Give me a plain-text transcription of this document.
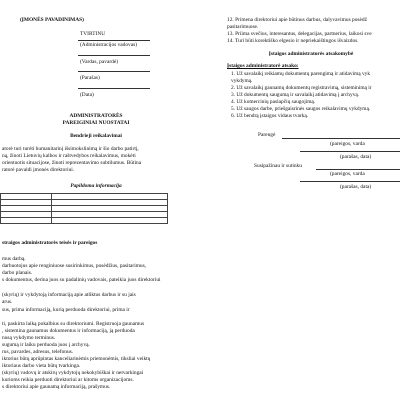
(ĮMONĖS PAVADINIMAS)
TVIRTINU
(Administracijos vadovas)
(Vardas, pavardė)
(Parašas)
(Data)
ADMINISTRATORĖS
PAREIGINIAI NUOSTATAI
Bendrieji reikalavimai
atorė turi turėti humanitarinį išsimokslinimą ir šio darbo patirtį,
ną, žinoti Lietuvių kalbos ir raštvedybos reikalavimus, mokėti
orientuotis situacijose, žinoti reprezentavimo subtilumus. Būtina
ratorė pavaldi įmonės direktoriui.
Papildoma informacija

straigos administratorės teisės ir pareigos
mus darbą.
darbuotojus apie renginiuose susirinkimus, posėdžius, pasitarimus,
darbo planais.
s dokumentus, derina juos su padalinių vadovais, pateikia juos direktoriui
(skyrių) ir vykdytoją informaciją apie atliktus darbus ir su jais
arus.
sus, prima informaciją, kurią perduoda direktoriui, prima ir
ti, paskirta laiką pokalbius su direktoriumi. Registruoja gaunamus
, sistemina gaunamus dokumentus ir informaciją, ją perduoda
nusą vykdymo terminus.
sugumą ir laiku perduoda juos į archyvą.
rus, pavardes, adresus, telefonus.
iktorius būtų aprūpintas kanceliarinėmis priemonėmis, tiksliai veiktų
iktoriaus darbo vieta būtų tvarkinga.
(skyrių) vadovų ir atskirų vykdytojų nekokybiškai ir netvarkingai
kurioms reikia perduoti direktoriui ar kitoms organizacijoms.
s direktoriui apie gaunamą informaciją, prašymus.
12. Primena direktoriui apie būtinus darbus, dalyvavimus posėdž
pasitarimuose.
13. Priima svečius, interesantus, delegacijas, partnerius, laikosi sve
14. Turi būti korektiško elgesio ir nepriekaištingos išvaizdos.
Įstaigos administratorės atsakomybė
Įstaigos administratorė atsako:
1. Už savalaikį reikiamų dokumentų parengimą ir atidavimą vyk
vykdymą.
2. Už savalaikį gaunamų dokumentų registravimą, sisteminimą ir
3. Už dokumentų saugumą ir savalaikį atidavimą į archyvą.
4. Už komercinių paslapčių saugojimą.
5. Už saugos darbe, priešgaisrinės saugos reikalavimų vykdymą.
6. Už bendrą įstaigos vidaus tvarką.
Parengė
(pareigos, varda
(parašas, data)
Susipažinau ir sutinku
(pareigos, varda
(parašas, data)
